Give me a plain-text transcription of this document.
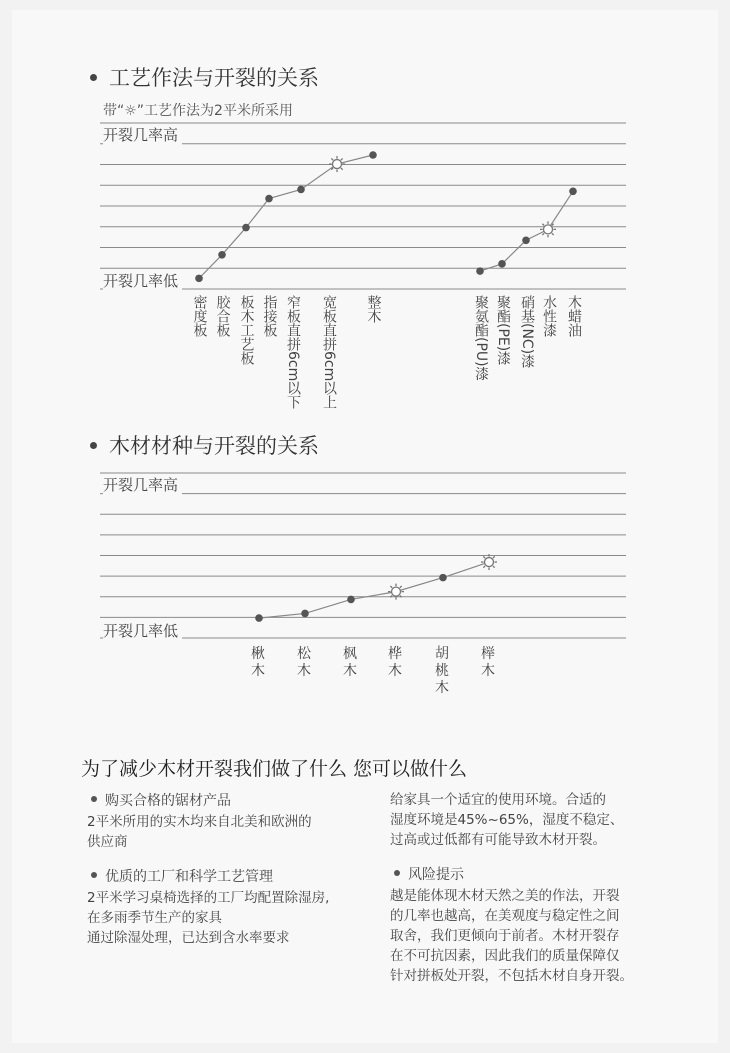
工艺作法与开裂的关系
带“☼”工艺作法为2平米所采用
开裂几率高
开裂几率低
密度板 胶合板 板木工艺板 指接板 窄板直拼6cm以下
宽板直拼6cm以上
整木	聚氨酯(PU)漆 聚酯(PE)漆 硝基(NC)漆 水性漆 木蜡油
木材材种与开裂的关系
开裂几率高
开裂几率低
楸木
松木
枫木
桦木
胡桃木
榉木
为了减少木材开裂我们做了什么 您可以做什么
购买合格的锯材产品
2平米所用的实木均来自北美和欧洲的
供应商
优质的工厂和科学工艺管理
2平米学习桌椅选择的工厂均配置除湿房,
在多雨季节生产的家具
通过除湿处理，已达到含水率要求
给家具一个适宜的使用环境。合适的
湿度环境是45%~65%，湿度不稳定、
过高或过低都有可能导致木材开裂。
风险提示
越是能体现木材天然之美的作法，开裂
的几率也越高，在美观度与稳定性之间
取舍，我们更倾向于前者。木材开裂存
在不可抗因素，因此我们的质量保障仅
针对拼板处开裂，不包括木材自身开裂。
